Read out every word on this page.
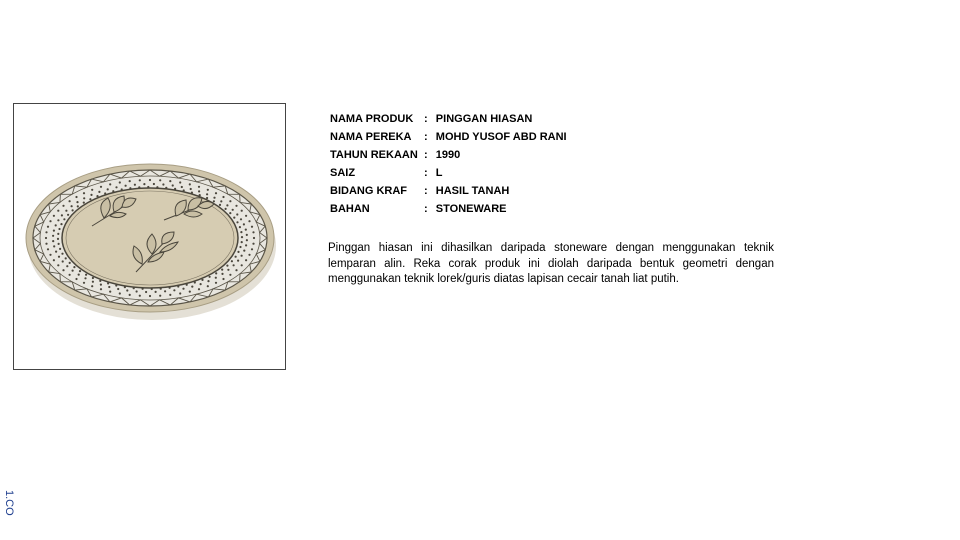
NAMA PRODUK	:	PINGGAN HIASAN
NAMA PEREKA	:	MOHD YUSOF ABD RANI
TAHUN REKAAN	:	1990
SAIZ	:	L
BIDANG KRAF	:	HASIL TANAH
BAHAN	:	STONEWARE

Pinggan hiasan ini dihasilkan daripada stoneware dengan menggunakan teknik lemparan alin. Reka corak produk ini diolah daripada bentuk geometri dengan menggunakan teknik lorek/guris diatas lapisan cecair tanah liat putih.

1.CO
